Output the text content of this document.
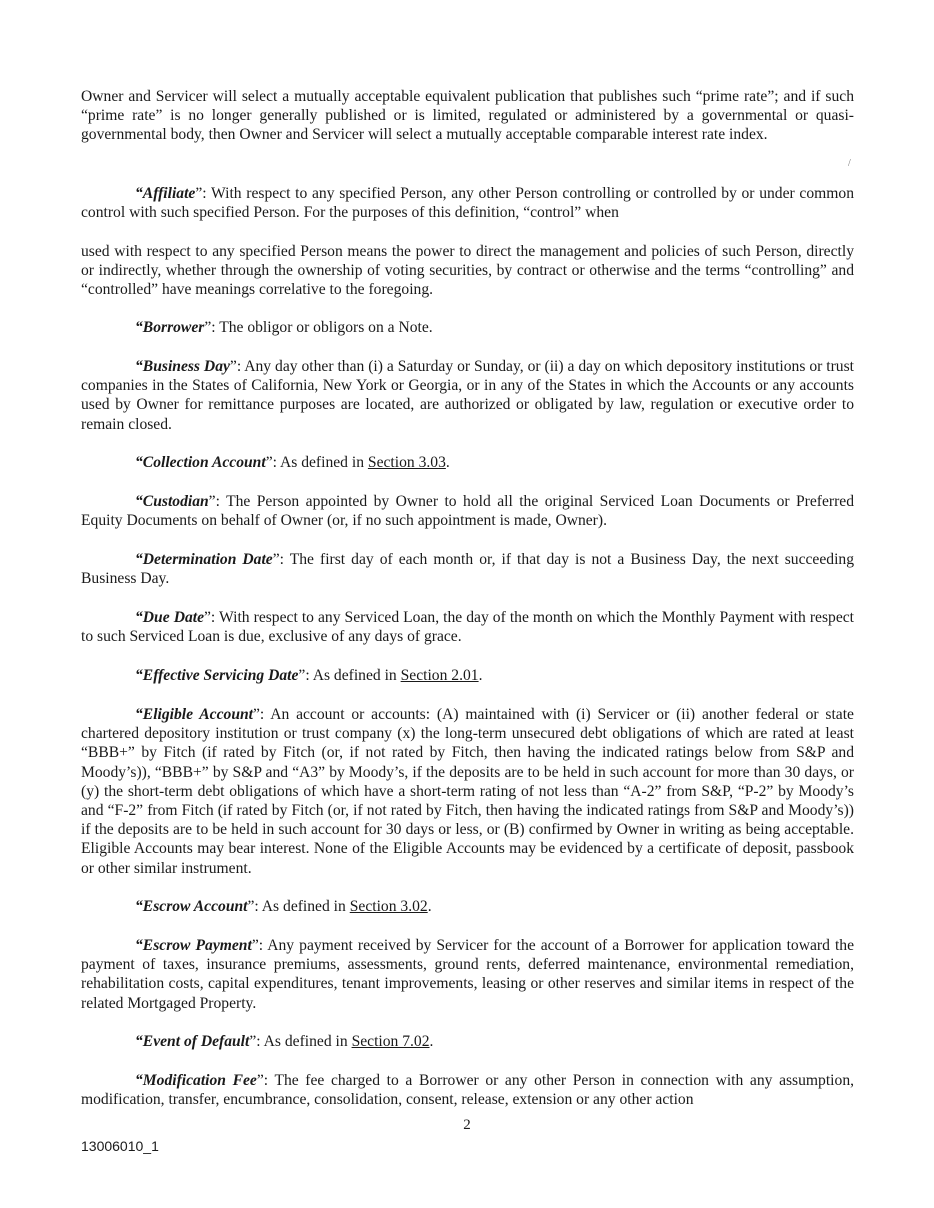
Owner and Servicer will select a mutually acceptable equivalent publication that publishes such “prime rate”; and if such “prime rate” is no longer generally published or is limited, regulated or administered by a governmental or quasi-governmental body, then Owner and Servicer will select a mutually acceptable comparable interest rate index.

/

“Affiliate”: With respect to any specified Person, any other Person controlling or controlled by or under common control with such specified Person. For the purposes of this definition, “control” when

used with respect to any specified Person means the power to direct the management and policies of such Person, directly or indirectly, whether through the ownership of voting securities, by contract or otherwise and the terms “controlling” and “controlled” have meanings correlative to the foregoing.

“Borrower”: The obligor or obligors on a Note.

“Business Day”: Any day other than (i) a Saturday or Sunday, or (ii) a day on which depository institutions or trust companies in the States of California, New York or Georgia, or in any of the States in which the Accounts or any accounts used by Owner for remittance purposes are located, are authorized or obligated by law, regulation or executive order to remain closed.

“Collection Account”: As defined in Section 3.03.

“Custodian”: The Person appointed by Owner to hold all the original Serviced Loan Documents or Preferred Equity Documents on behalf of Owner (or, if no such appointment is made, Owner).

“Determination Date”: The first day of each month or, if that day is not a Business Day, the next succeeding Business Day.

“Due Date”: With respect to any Serviced Loan, the day of the month on which the Monthly Payment with respect to such Serviced Loan is due, exclusive of any days of grace.

“Effective Servicing Date”: As defined in Section 2.01.

“Eligible Account”: An account or accounts: (A) maintained with (i) Servicer or (ii) another federal or state chartered depository institution or trust company (x) the long-term unsecured debt obligations of which are rated at least “BBB+” by Fitch (if rated by Fitch (or, if not rated by Fitch, then having the indicated ratings below from S&P and Moody’s)), “BBB+” by S&P and “A3” by Moody’s, if the deposits are to be held in such account for more than 30 days, or (y) the short-term debt obligations of which have a short-term rating of not less than “A-2” from S&P, “P-2” by Moody’s and “F-2” from Fitch (if rated by Fitch (or, if not rated by Fitch, then having the indicated ratings from S&P and Moody’s)) if the deposits are to be held in such account for 30 days or less, or (B) confirmed by Owner in writing as being acceptable. Eligible Accounts may bear interest. None of the Eligible Accounts may be evidenced by a certificate of deposit, passbook or other similar instrument.

“Escrow Account”: As defined in Section 3.02.

“Escrow Payment”: Any payment received by Servicer for the account of a Borrower for application toward the payment of taxes, insurance premiums, assessments, ground rents, deferred maintenance, environmental remediation, rehabilitation costs, capital expenditures, tenant improvements, leasing or other reserves and similar items in respect of the related Mortgaged Property.

“Event of Default”: As defined in Section 7.02.

“Modification Fee”: The fee charged to a Borrower or any other Person in connection with any assumption, modification, transfer, encumbrance, consolidation, consent, release, extension or any other action

2
13006010_1
